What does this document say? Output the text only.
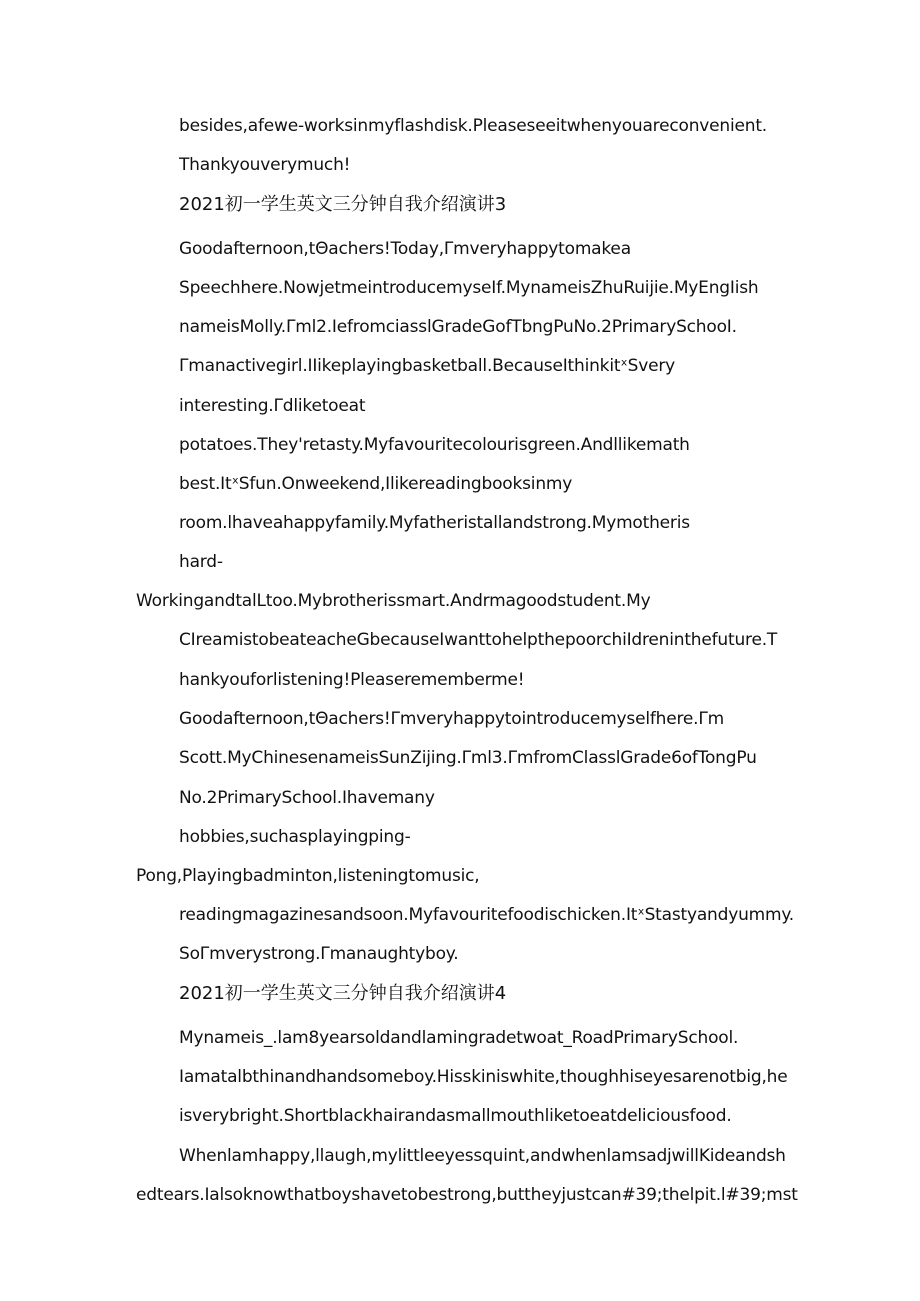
besides,afewe-worksinmyflashdisk.Pleaseseeitwhenyouareconvenient.
Thankyouverymuch!
2021初一学生英文三分钟自我介绍演讲3
Goodafternoon,tΘachers!Today,Γmveryhappytomakea
Speechhere.NowjetmeintroducemyseIf.MynameisZhuRuijie.MyEngIish
nameisMolly.Γml2.IefromciasslGradeGofTbngPuNo.2PrimarySchooI.
Γmanactivegirl.IIikeplayingbasketball.BecauseIthinkitˣSvery
interesting.Γdliketoeat
potatoes.They'retasty.Myfavouritecolourisgreen.Andllikemath
best.ItˣSfun.Onweekend,Ilikereadingbooksinmy
room.lhaveahappyfamily.Myfatheristallandstrong.Mymotheris
hard-
WorkingandtalLtoo.Mybrotherissmart.Andrmagoodstudent.My
CIreamistobeateacheGbecauseIwanttohelpthepoorchiIdreninthefuture.T
hankyouforlistening!Pleaserememberme!
Goodafternoon,tΘachers!Γmveryhappytointroducemyselfhere.Γm
Scott.MyChinesenameisSunZijing.Γml3.ΓmfromClasslGrade6ofTongPu
No.2PrimarySchool.Ihavemany
hobbies,suchasplayingping-
Pong,Playingbadminton,listeningtomusic,
readingmagazinesandsoon.Myfavouritefoodischicken.ItˣStastyandyummy.
SoΓmverystrong.Γmanaughtyboy.
2021初一学生英文三分钟自我介绍演讲4
Mynameis_.lam8yearsoldandlamingradetwoat_RoadPrimarySchool.
Iamatalbthinandhandsomeboy.Hisskiniswhite,thoughhiseyesarenotbig,he
isverybright.Shortblackhairandasmallmouthliketoeatdeliciousfood.
Whenlamhappy,llaugh,mylittleeyessquint,andwhenlamsadjwillKideandsh
edtears.Ialsoknowthatboyshavetobestrong,buttheyjustcan#39;thelpit.l#39;mst
